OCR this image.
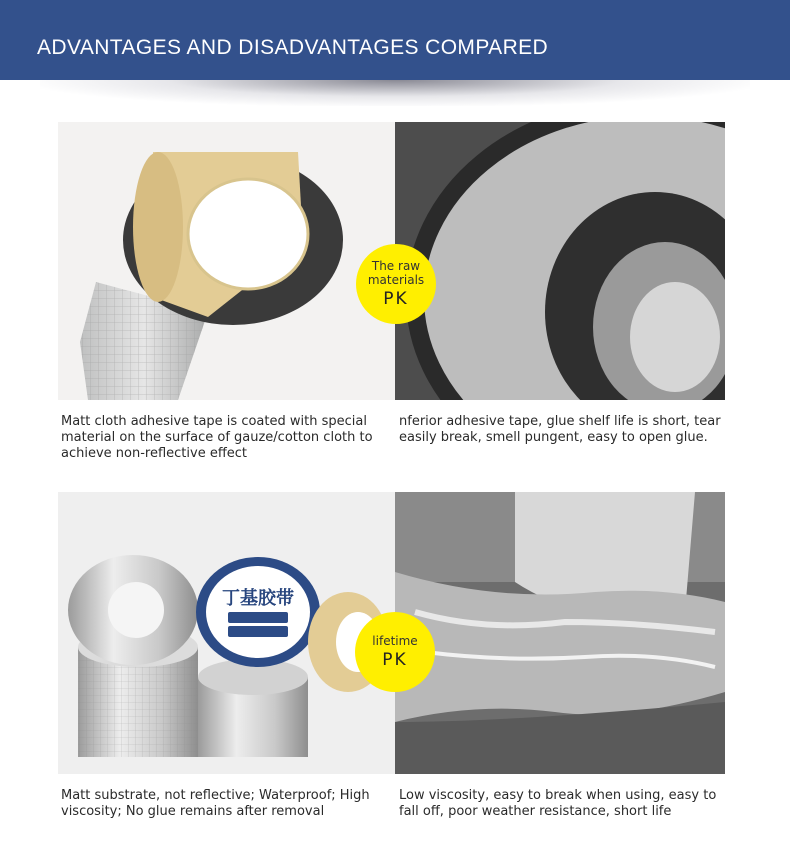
ADVANTAGES AND DISADVANTAGES COMPARED
丁基胶带
The raw
materials
PK
lifetime
PK
Matt cloth adhesive tape is coated with special material on the surface of gauze/cotton cloth to achieve non-reflective effect
nferior adhesive tape, glue shelf life is short, tear easily break, smell pungent, easy to open glue.
Matt substrate, not reflective; Waterproof; High viscosity; No glue remains after removal
Low viscosity, easy to break when using, easy to fall off, poor weather resistance, short life
